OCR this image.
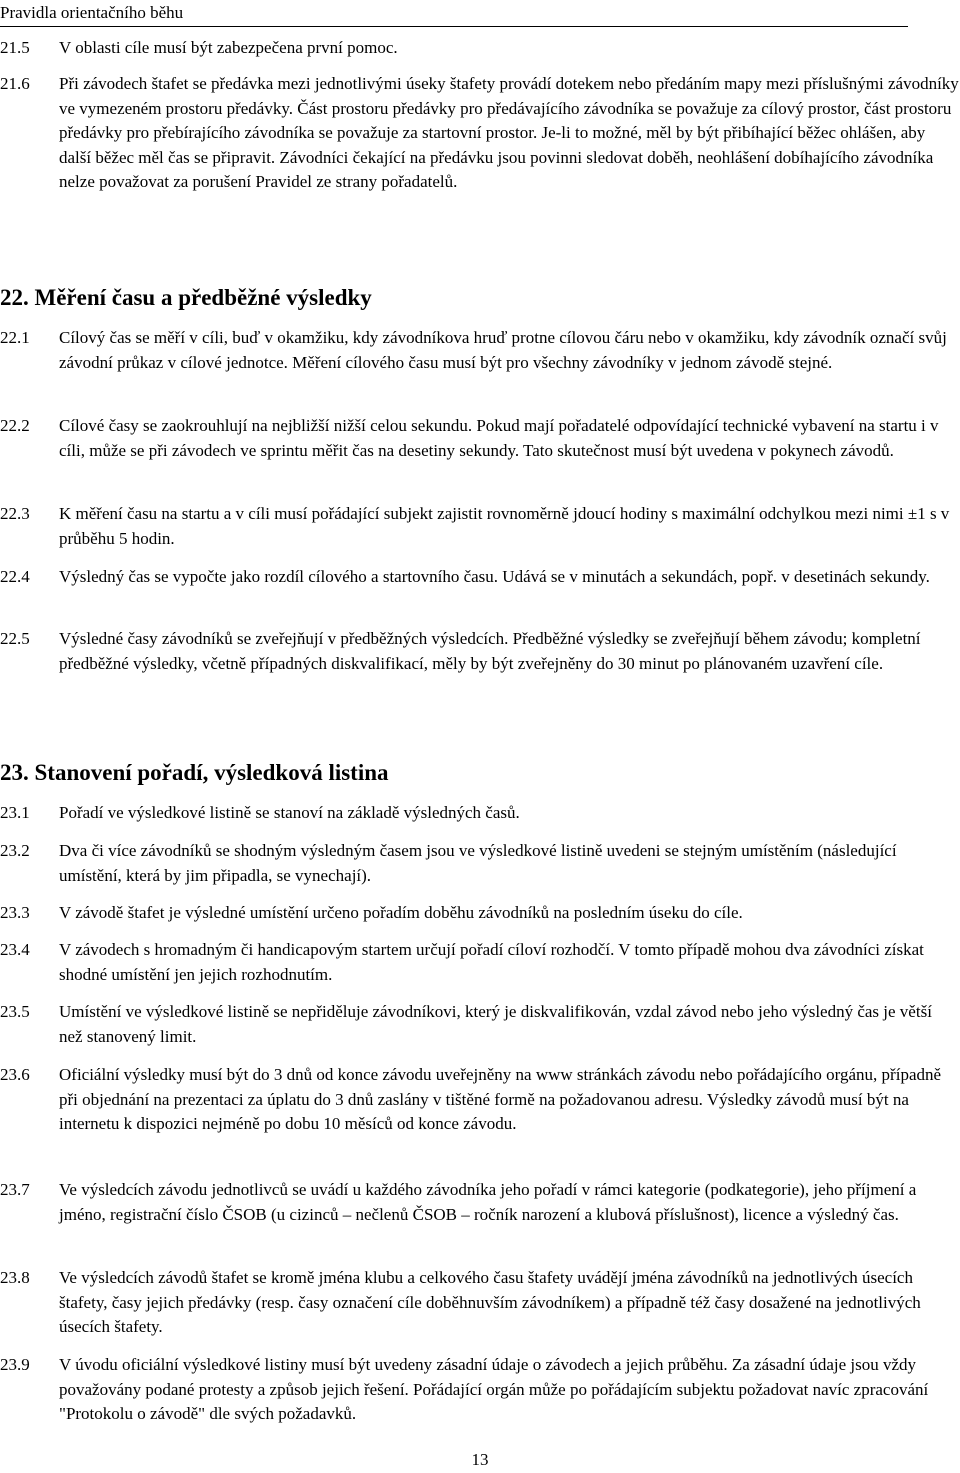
Pravidla orientačního běhu
21.5	V oblasti cíle musí být zabezpečena první pomoc.
21.6	Při závodech štafet se předávka mezi jednotlivými úseky štafety provádí dotekem nebo předáním mapy mezi příslušnými závodníky ve vymezeném prostoru předávky. Část prostoru předávky pro předávajícího závodníka se považuje za cílový prostor, část prostoru předávky pro přebírajícího závodníka se považuje za startovní prostor. Je-li to možné, měl by být přibíhající běžec ohlášen, aby další běžec měl čas se připravit. Závodníci čekající na předávku jsou povinni sledovat doběh, neohlášení dobíhajícího závodníka nelze považovat za porušení Pravidel ze strany pořadatelů.
22. Měření času a předběžné výsledky
22.1	Cílový čas se měří v cíli, buď v okamžiku, kdy závodníkova hruď protne cílovou čáru nebo v okamžiku, kdy závodník označí svůj závodní průkaz v cílové jednotce. Měření cílového času musí být pro všechny závodníky v jednom závodě stejné.
22.2	Cílové časy se zaokrouhlují na nejbližší nižší celou sekundu. Pokud mají pořadatelé odpovídající technické vybavení na startu i v cíli, může se při závodech ve sprintu měřit čas na desetiny sekundy. Tato skutečnost musí být uvedena v pokynech závodů.
22.3	K měření času na startu a v cíli musí pořádající subjekt zajistit rovnoměrně jdoucí hodiny s maximální odchylkou mezi nimi ±1 s v průběhu 5 hodin.
22.4	Výsledný čas se vypočte jako rozdíl cílového a startovního času. Udává se v minutách a sekundách, popř. v desetinách sekundy.
22.5	Výsledné časy závodníků se zveřejňují v předběžných výsledcích. Předběžné výsledky se zveřejňují během závodu; kompletní předběžné výsledky, včetně případných diskvalifikací, měly by být zveřejněny do 30 minut po plánovaném uzavření cíle.
23. Stanovení pořadí, výsledková listina
23.1	Pořadí ve výsledkové listině se stanoví na základě výsledných časů.
23.2	Dva či více závodníků se shodným výsledným časem jsou ve výsledkové listině uvedeni se stejným umístěním (následující umístění, která by jim připadla, se vynechají).
23.3	V závodě štafet je výsledné umístění určeno pořadím doběhu závodníků na posledním úseku do cíle.
23.4	V závodech s hromadným či handicapovým startem určují pořadí cíloví rozhodčí. V tomto případě mohou dva závodníci získat shodné umístění jen jejich rozhodnutím.
23.5	Umístění ve výsledkové listině se nepřiděluje závodníkovi, který je diskvalifikován, vzdal závod nebo jeho výsledný čas je větší než stanovený limit.
23.6	Oficiální výsledky musí být do 3 dnů od konce závodu uveřejněny na www stránkách závodu nebo pořádajícího orgánu, případně při objednání na prezentaci za úplatu do 3 dnů zaslány v tištěné formě na požadovanou adresu. Výsledky závodů musí být na internetu k dispozici nejméně po dobu 10 měsíců od konce závodu.
23.7	Ve výsledcích závodu jednotlivců se uvádí u každého závodníka jeho pořadí v rámci kategorie (podkategorie), jeho příjmení a jméno, registrační číslo ČSOB (u cizinců – nečlenů ČSOB – ročník narození a klubová příslušnost), licence a výsledný čas.
23.8	Ve výsledcích závodů štafet se kromě jména klubu a celkového času štafety uvádějí jména závodníků na jednotlivých úsecích štafety, časy jejich předávky (resp. časy označení cíle doběhnuvším závodníkem) a případně též časy dosažené na jednotlivých úsecích štafety.
23.9	V úvodu oficiální výsledkové listiny musí být uvedeny zásadní údaje o závodech a jejich průběhu. Za zásadní údaje jsou vždy považovány podané protesty a způsob jejich řešení. Pořádající orgán může po pořádajícím subjektu požadovat navíc zpracování "Protokolu o závodě" dle svých požadavků.
13
